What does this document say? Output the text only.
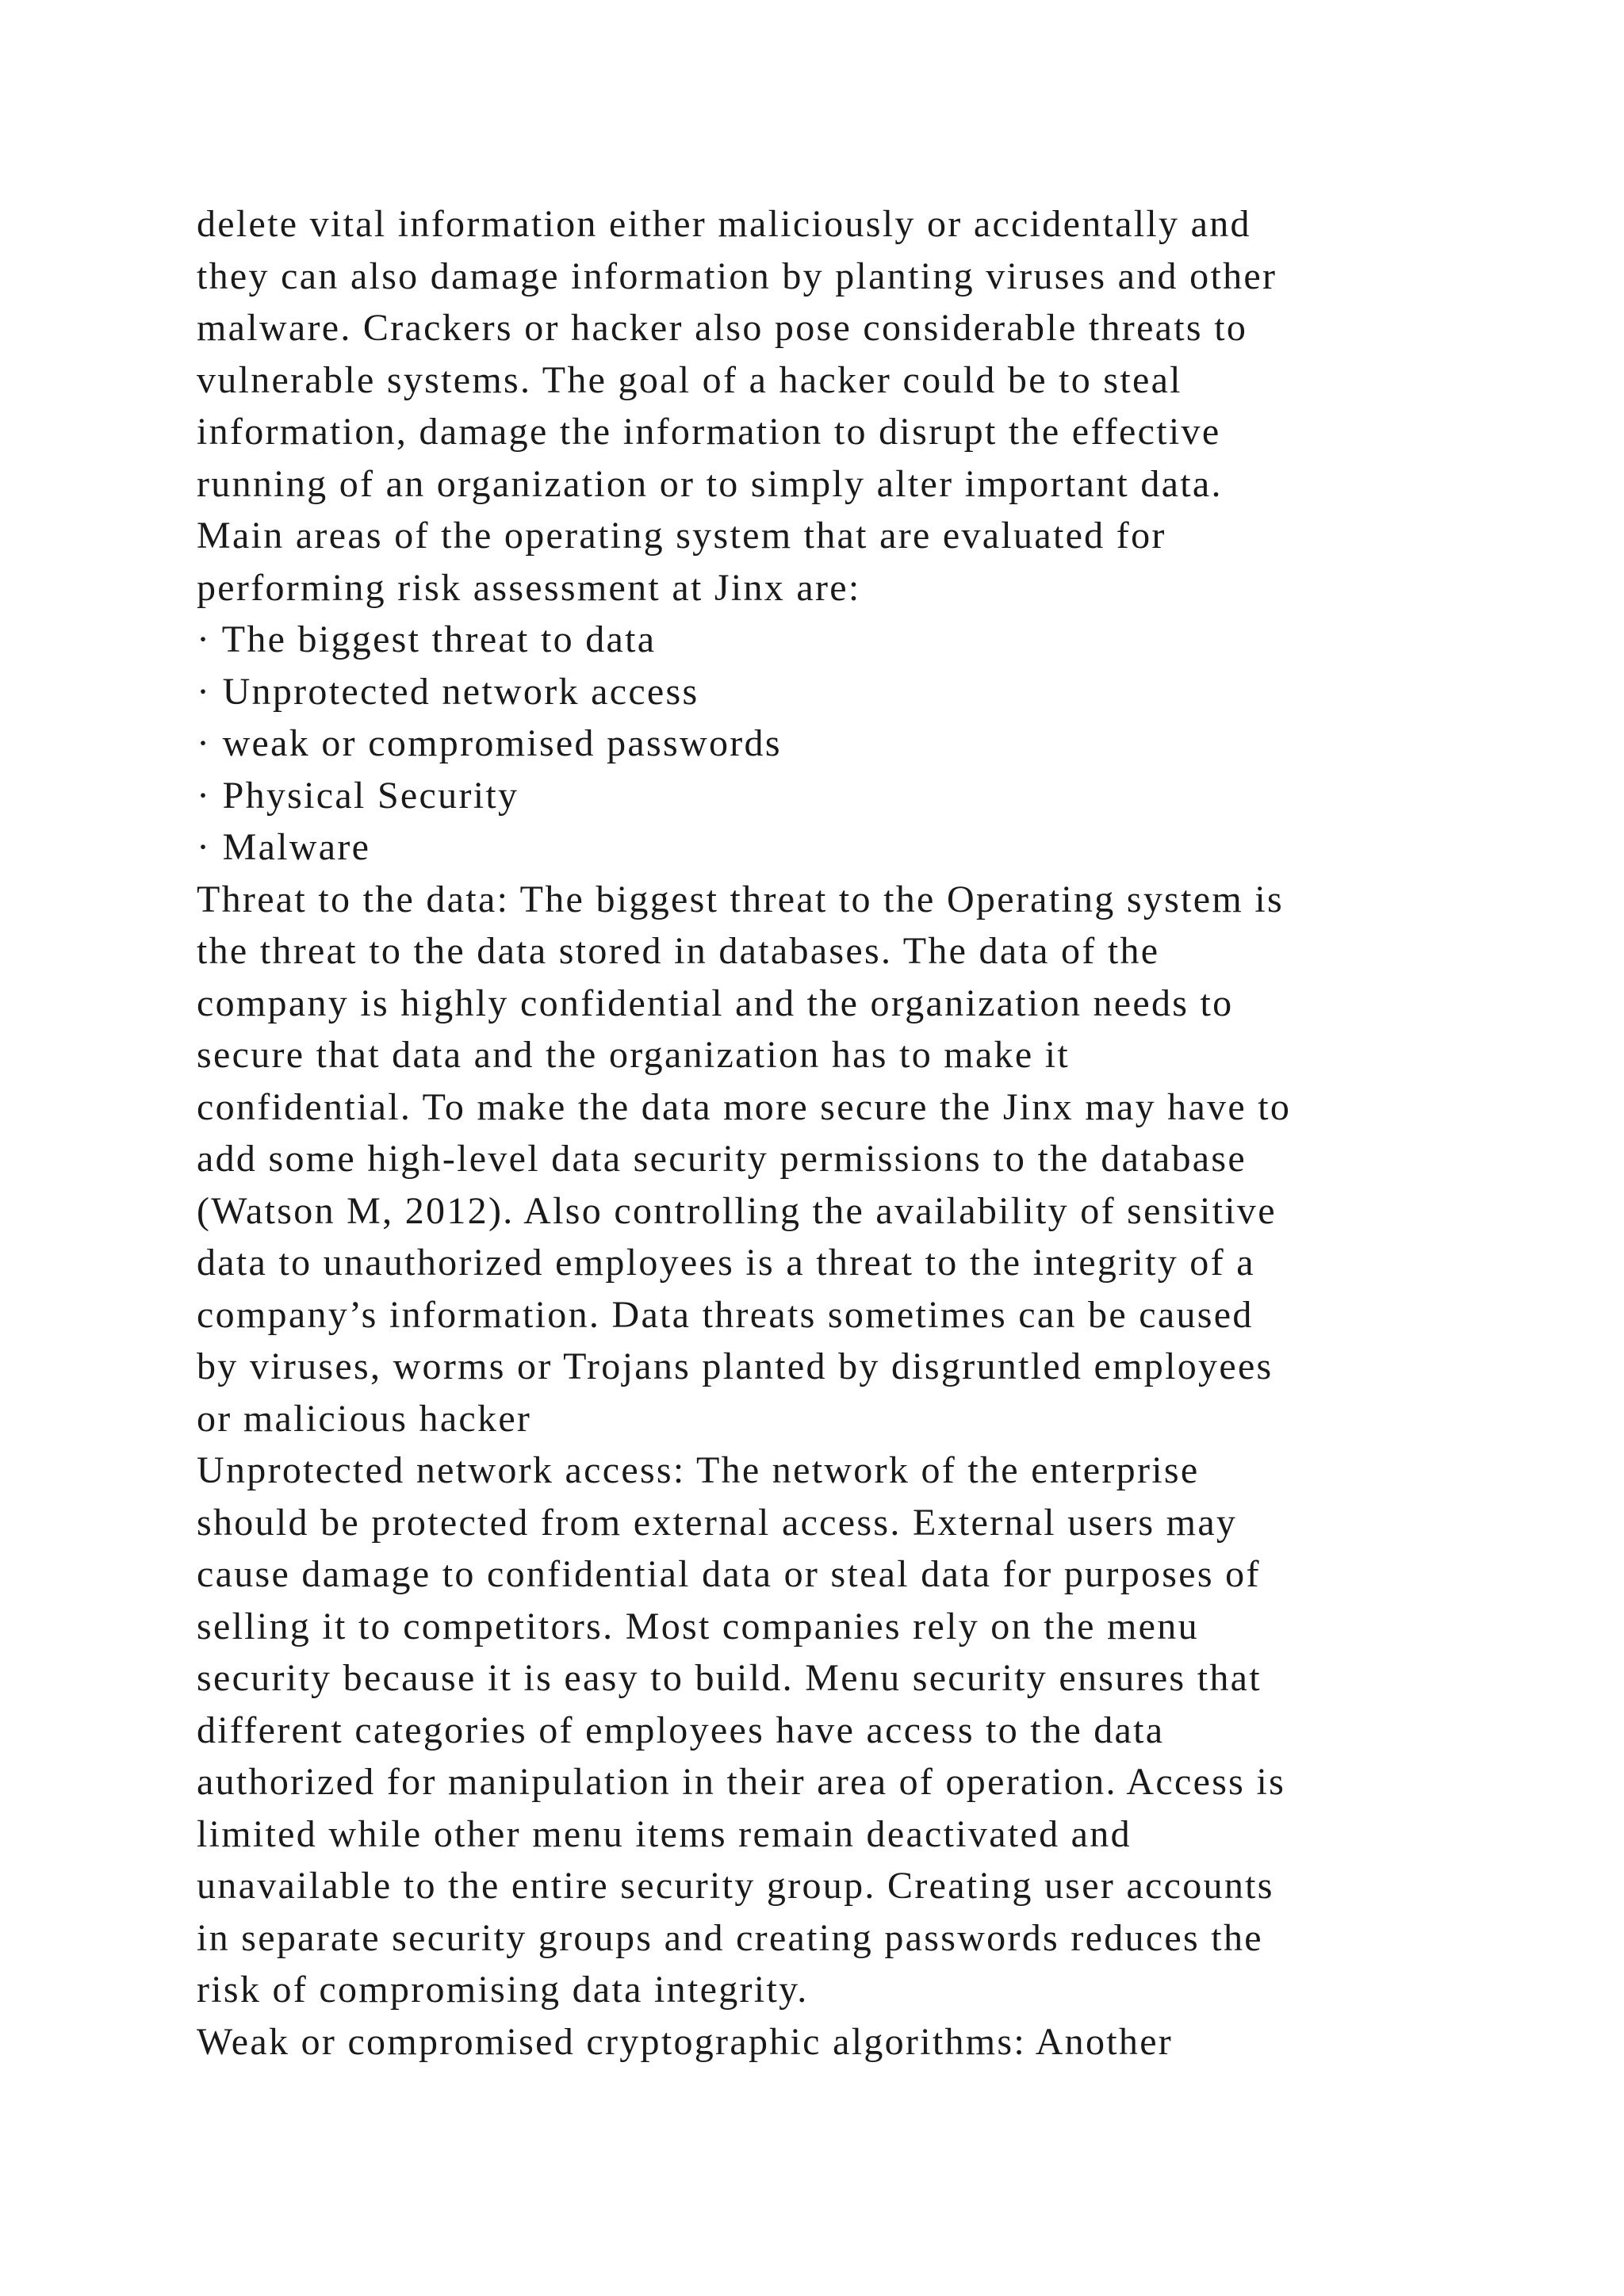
delete vital information either maliciously or accidentally and
they can also damage information by planting viruses and other
malware. Crackers or hacker also pose considerable threats to
vulnerable systems. The goal of a hacker could be to steal
information, damage the information to disrupt the effective
running of an organization or to simply alter important data.
Main areas of the operating system that are evaluated for
performing risk assessment at Jinx are:
· The biggest threat to data
· Unprotected network access
· weak or compromised passwords
· Physical Security
· Malware
Threat to the data: The biggest threat to the Operating system is
the threat to the data stored in databases. The data of the
company is highly confidential and the organization needs to
secure that data and the organization has to make it
confidential. To make the data more secure the Jinx may have to
add some high-level data security permissions to the database
(Watson M, 2012). Also controlling the availability of sensitive
data to unauthorized employees is a threat to the integrity of a
company’s information. Data threats sometimes can be caused
by viruses, worms or Trojans planted by disgruntled employees
or malicious hacker
Unprotected network access: The network of the enterprise
should be protected from external access. External users may
cause damage to confidential data or steal data for purposes of
selling it to competitors. Most companies rely on the menu
security because it is easy to build. Menu security ensures that
different categories of employees have access to the data
authorized for manipulation in their area of operation. Access is
limited while other menu items remain deactivated and
unavailable to the entire security group. Creating user accounts
in separate security groups and creating passwords reduces the
risk of compromising data integrity.
Weak or compromised cryptographic algorithms: Another
